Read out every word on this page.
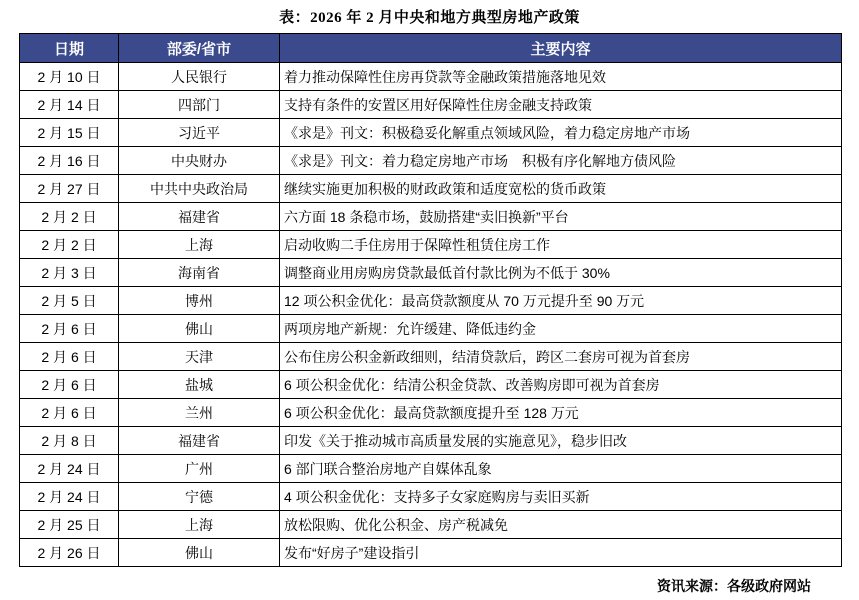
表：2026 年 2 月中央和地方典型房地产政策
日期	部委/省市	主要内容
2 月 10 日	人民银行	着力推动保障性住房再贷款等金融政策措施落地见效
2 月 14 日	四部门	支持有条件的安置区用好保障性住房金融支持政策
2 月 15 日	习近平	《求是》刊文：积极稳妥化解重点领域风险，着力稳定房地产市场
2 月 16 日	中央财办	《求是》刊文：着力稳定房地产市场　积极有序化解地方债风险
2 月 27 日	中共中央政治局	继续实施更加积极的财政政策和适度宽松的货币政策
2 月 2 日	福建省	六方面 18 条稳市场，鼓励搭建“卖旧换新”平台
2 月 2 日	上海	启动收购二手住房用于保障性租赁住房工作
2 月 3 日	海南省	调整商业用房购房贷款最低首付款比例为不低于 30%
2 月 5 日	博州	12 项公积金优化：最高贷款额度从 70 万元提升至 90 万元
2 月 6 日	佛山	两项房地产新规：允许缓建、降低违约金
2 月 6 日	天津	公布住房公积金新政细则，结清贷款后，跨区二套房可视为首套房
2 月 6 日	盐城	6 项公积金优化：结清公积金贷款、改善购房即可视为首套房
2 月 6 日	兰州	6 项公积金优化：最高贷款额度提升至 128 万元
2 月 8 日	福建省	印发《关于推动城市高质量发展的实施意见》，稳步旧改
2 月 24 日	广州	6 部门联合整治房地产自媒体乱象
2 月 24 日	宁德	4 项公积金优化：支持多子女家庭购房与卖旧买新
2 月 25 日	上海	放松限购、优化公积金、房产税减免
2 月 26 日	佛山	发布“好房子”建设指引
资讯来源：各级政府网站
